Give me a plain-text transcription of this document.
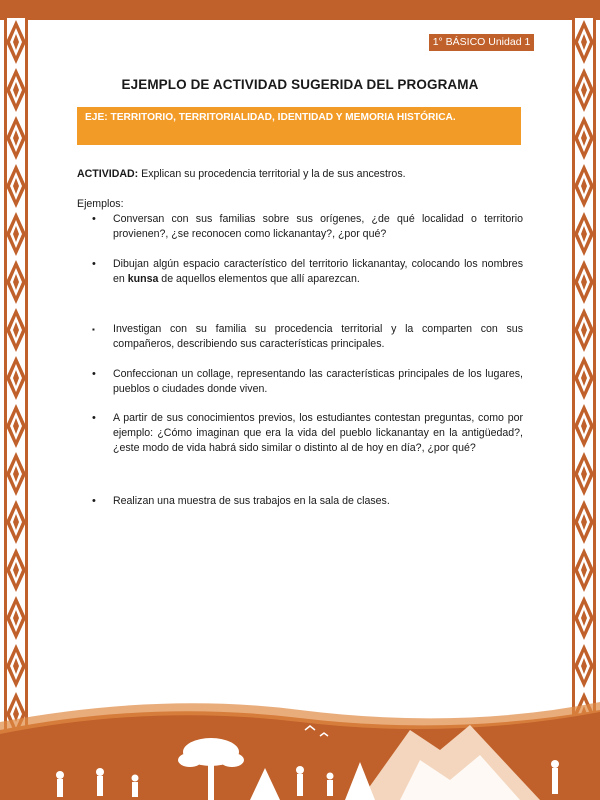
1° BÁSICO Unidad 1
EJEMPLO DE ACTIVIDAD SUGERIDA DEL PROGRAMA
EJE: TERRITORIO, TERRITORIALIDAD, IDENTIDAD Y MEMORIA HISTÓRICA.
ACTIVIDAD: Explican su procedencia territorial y la de sus ancestros.
Ejemplos:
• Conversan con sus familias sobre sus orígenes, ¿de qué localidad o territorio provienen?, ¿se reconocen como lickanantay?, ¿por qué?
• Dibujan algún espacio característico del territorio lickanantay, colocando los nombres en kunsa de aquellos elementos que allí aparezcan.
▪ Investigan con su familia su procedencia territorial y la comparten con sus compañeros, describiendo sus características principales.
• Confeccionan un collage, representando las características principales de los lugares, pueblos o ciudades donde viven.
• A partir de sus conocimientos previos, los estudiantes contestan preguntas, como por ejemplo: ¿Cómo imaginan que era la vida del pueblo lickanantay en la antigüedad?, ¿este modo de vida habrá sido similar o distinto al de hoy en día?, ¿por qué?
• Realizan una muestra de sus trabajos en la sala de clases.
